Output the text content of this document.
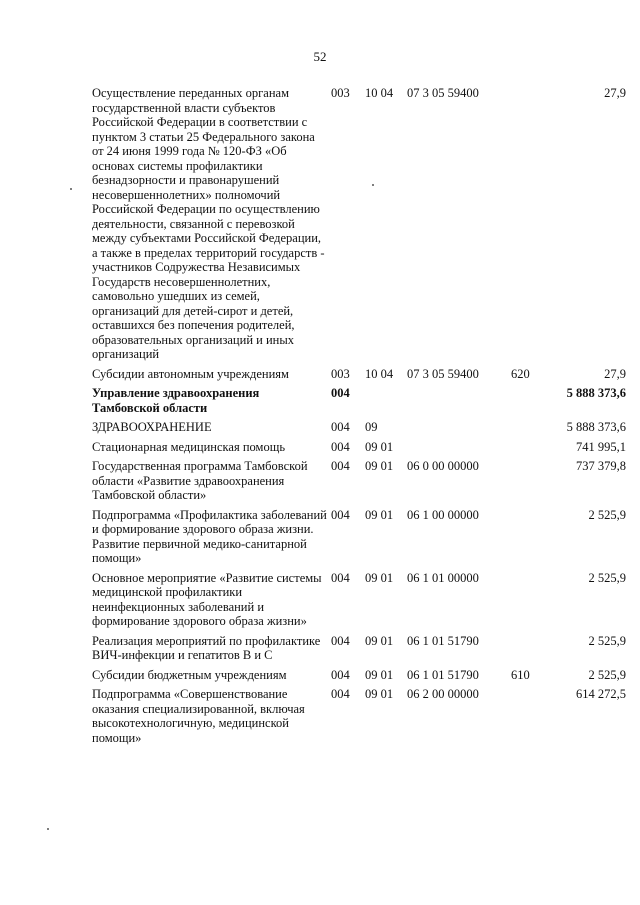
52
Осуществление переданных органам государственной власти субъектов Российской Федерации в соответствии с пунктом 3 статьи 25 Федерального закона от 24 июня 1999 года № 120-ФЗ «Об основах системы профилактики безнадзорности и правонарушений несовершеннолетних» полномочий Российской Федерации по осуществлению деятельности, связанной с перевозкой между субъектами Российской Федерации, а также в пределах территорий государств - участников Содружества Независимых Государств несовершеннолетних, самовольно ушедших из семей, организаций для детей-сирот и детей, оставшихся без попечения родителей, образовательных организаций и иных организаций	003	10 04	07 3 05 59400		27,9
Субсидии автономным учреждениям	003	10 04	07 3 05 59400	620	27,9
Управление здравоохранения Тамбовской области	004				5 888 373,6
ЗДРАВООХРАНЕНИЕ	004	09			5 888 373,6
Стационарная медицинская помощь	004	09 01			741 995,1
Государственная программа Тамбовской области «Развитие здравоохранения Тамбовской области»	004	09 01	06 0 00 00000		737 379,8
Подпрограмма «Профилактика заболеваний и формирование здорового образа жизни. Развитие первичной медико-санитарной помощи»	004	09 01	06 1 00 00000		2 525,9
Основное мероприятие «Развитие системы медицинской профилактики неинфекционных заболеваний и формирование здорового образа жизни»	004	09 01	06 1 01 00000		2 525,9
Реализация мероприятий по профилактике ВИЧ-инфекции и гепатитов В и С	004	09 01	06 1 01 51790		2 525,9
Субсидии бюджетным учреждениям	004	09 01	06 1 01 51790	610	2 525,9
Подпрограмма «Совершенствование оказания специализированной, включая высокотехнологичную, медицинской помощи»	004	09 01	06 2 00 00000		614 272,5
